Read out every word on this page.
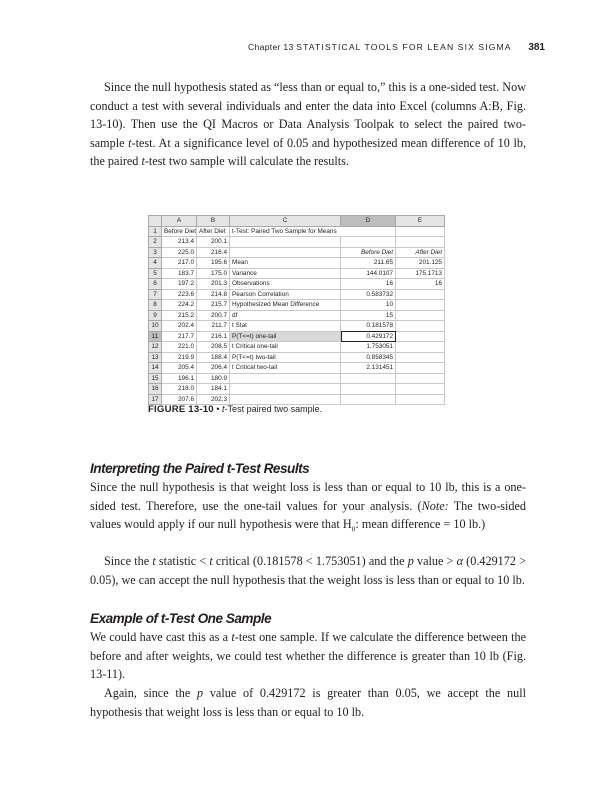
Chapter 13 STATISTICAL TOOLS FOR LEAN SIX SIGMA 381

Since the null hypothesis stated as “less than or equal to,” this is a one-sided test. Now conduct a test with several individuals and enter the data into Excel (columns A:B, Fig. 13-10). Then use the QI Macros or Data Analysis Toolpak to select the paired two-sample t-test. At a significance level of 0.05 and hypothesized mean difference of 10 lb, the paired t-test two sample will calculate the results.

	A	B	C	D	E
1	Before Diet	After Diet	t-Test: Paired Two Sample for Means		
2	213.4	200.1			
3	225.0	216.4		Before Diet	After Diet
4	217.0	195.6	Mean	211.65	201.125
5	183.7	175.0	Variance	144.0107	175.1713
6	197.2	201.3	Observations	16	16
7	223.6	214.8	Pearson Correlation	0.583732	
8	224.2	215.7	Hypothesized Mean Difference	10	
9	215.2	200.7	df	15	
10	202.4	211.7	t Stat	0.181578	
11	217.7	216.1	P(T<=t) one-tail	0.429172	
12	221.0	208.5	t Critical one-tail	1.753051	
13	219.9	188.4	P(T<=t) two-tail	0.858345	
14	205.4	206.4	t Critical two-tail	2.131451	
15	196.1	180.9			
16	218.0	184.1			
17	207.6	202.3			
FIGURE 13-10 • t-Test paired two sample.
Interpreting the Paired t-Test Results

Since the null hypothesis is that weight loss is less than or equal to 10 lb, this is a one-sided test. Therefore, use the one-tail values for your analysis. (Note: The two-sided values would apply if our null hypothesis were that $H_0$: mean difference = 10 lb.)

Since the t statistic < t critical (0.181578 < 1.753051) and the p value > α (0.429172 > 0.05), we can accept the null hypothesis that the weight loss is less than or equal to 10 lb.

Example of t-Test One Sample

We could have cast this as a t-test one sample. If we calculate the difference between the before and after weights, we could test whether the difference is greater than 10 lb (Fig. 13-11).

Again, since the p value of 0.429172 is greater than 0.05, we accept the null hypothesis that weight loss is less than or equal to 10 lb.
